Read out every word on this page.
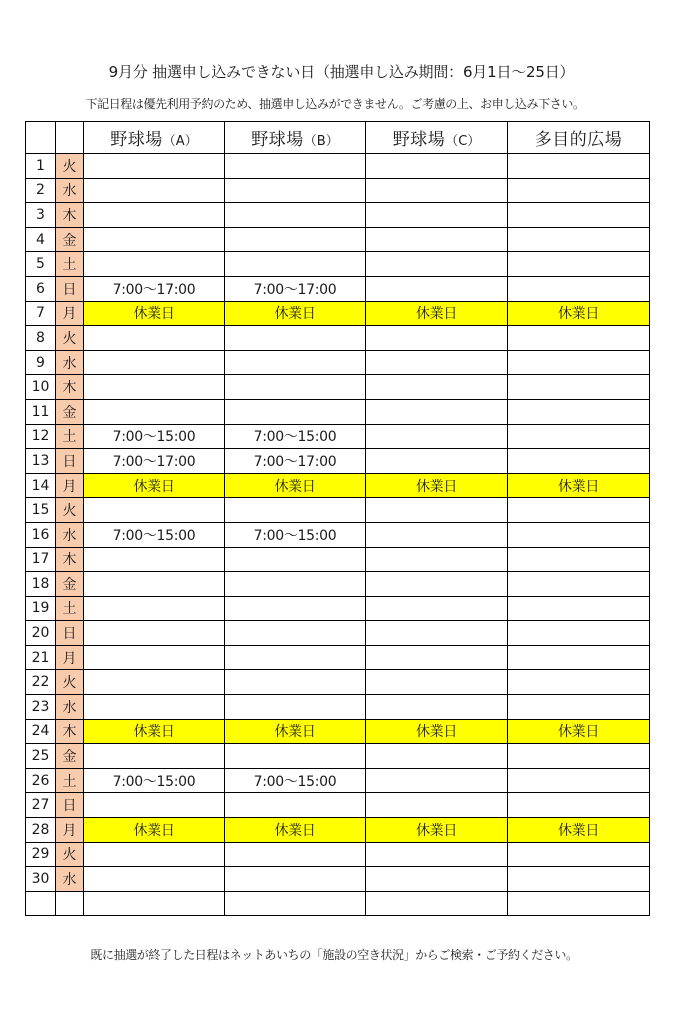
9月分 抽選申し込みできない日（抽選申し込み期間：6月1日～25日）
下記日程は優先利用予約のため、抽選申し込みができません。ご考慮の上、お申し込み下さい。
		野球場（A）	野球場（B）	野球場（C）	多目的広場
1	火				
2	水				
3	木				
4	金				
5	土				
6	日	7:00～17:00	7:00～17:00		
7	月	休業日	休業日	休業日	休業日
8	火				
9	水				
10	木				
11	金				
12	土	7:00～15:00	7:00～15:00		
13	日	7:00～17:00	7:00～17:00		
14	月	休業日	休業日	休業日	休業日
15	火				
16	水	7:00～15:00	7:00～15:00		
17	木				
18	金				
19	土				
20	日				
21	月				
22	火				
23	水				
24	木	休業日	休業日	休業日	休業日
25	金				
26	土	7:00～15:00	7:00～15:00		
27	日				
28	月	休業日	休業日	休業日	休業日
29	火				
30	水				

既に抽選が終了した日程はネットあいちの「施設の空き状況」からご検索・ご予約ください。
